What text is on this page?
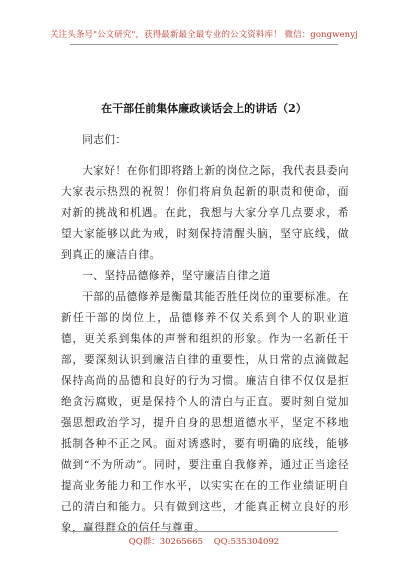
关注头条号"公文研究"，获得最新最全最专业的公文资料库！ 微信：gongwenyj
在干部任前集体廉政谈话会上的讲话（2）

同志们：

大家好！在你们即将踏上新的岗位之际，我代表县委向大家表示热烈的祝贺！你们将肩负起新的职责和使命，面对新的挑战和机遇。在此，我想与大家分享几点要求，希望大家能够以此为戒，时刻保持清醒头脑，坚守底线，做到真正的廉洁自律。

一、坚持品德修养，坚守廉洁自律之道

干部的品德修养是衡量其能否胜任岗位的重要标准。在新任干部的岗位上，品德修养不仅关系到个人的职业道德，更关系到集体的声誉和组织的形象。作为一名新任干部，要深刻认识到廉洁自律的重要性，从日常的点滴做起保持高尚的品德和良好的行为习惯。廉洁自律不仅仅是拒绝贪污腐败，更是保持个人的清白与正直。要时刻自觉加强思想政治学习，提升自身的思想道德水平，坚定不移地抵制各种不正之风。面对诱惑时，要有明确的底线，能够做到“不为所动”。同时，要注重自我修养，通过正当途径提高业务能力和工作水平，以实实在在的工作业绩证明自己的清白和能力。只有做到这些，才能真正树立良好的形象，赢得群众的信任与尊重。

QQ群：30265665 QQ:535304092
